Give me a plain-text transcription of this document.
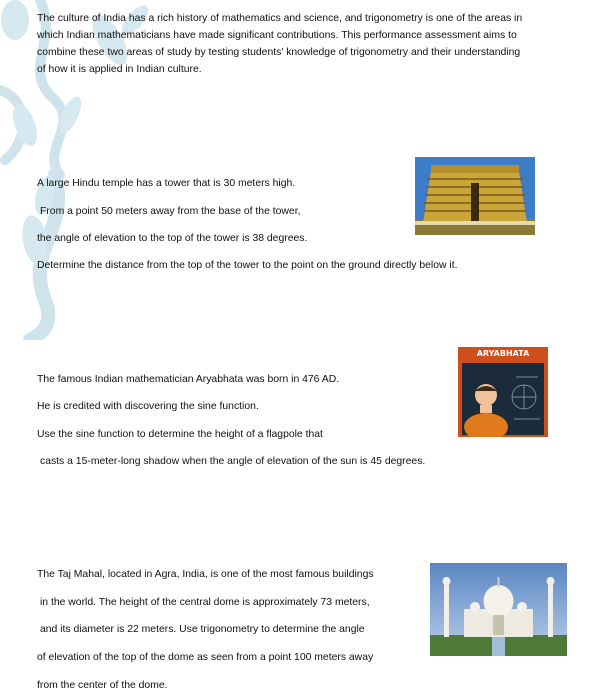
The culture of India has a rich history of mathematics and science, and trigonometry is one of the areas in
which Indian mathematicians have made significant contributions. This performance assessment aims to
combine these two areas of study by testing students' knowledge of trigonometry and their understanding
of how it is applied in Indian culture.
A large Hindu temple has a tower that is 30 meters high.
From a point 50 meters away from the base of the tower,
the angle of elevation to the top of the tower is 38 degrees.
Determine the distance from the top of the tower to the point on the ground directly below it.
The famous Indian mathematician Aryabhata was born in 476 AD.
He is credited with discovering the sine function.
Use the sine function to determine the height of a flagpole that
casts a 15-meter-long shadow when the angle of elevation of the sun is 45 degrees.
ARYABHATA
The Taj Mahal, located in Agra, India, is one of the most famous buildings
in the world. The height of the central dome is approximately 73 meters,
and its diameter is 22 meters. Use trigonometry to determine the angle
of elevation of the top of the dome as seen from a point 100 meters away
from the center of the dome.
